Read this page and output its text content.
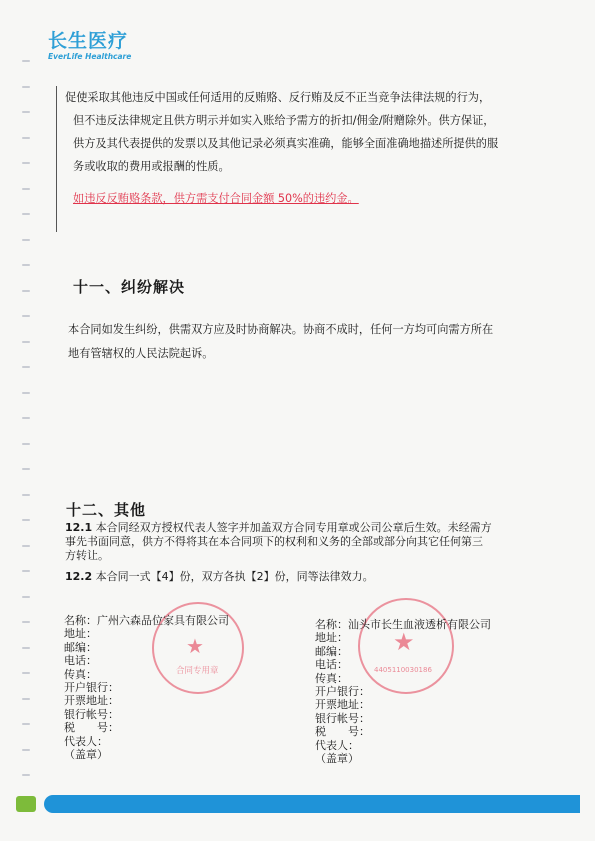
长生医疗
EverLife Healthcare
促使采取其他违反中国或任何适用的反贿赂、反行贿及反不正当竞争法律法规的行为，
但不违反法律规定且供方明示并如实入账给予需方的折扣/佣金/附赠除外。供方保证，
供方及其代表提供的发票以及其他记录必须真实准确，能够全面准确地描述所提供的服
务或收取的费用或报酬的性质。
如违反反贿赂条款，供方需支付合同金额 50%的违约金。
十一、纠纷解决
本合同如发生纠纷，供需双方应及时协商解决。协商不成时，任何一方均可向需方所在
地有管辖权的人民法院起诉。
十二、其他
12.1 本合同经双方授权代表人签字并加盖双方合同专用章或公司公章后生效。未经需方
事先书面同意，供方不得将其在本合同项下的权利和义务的全部或部分向其它任何第三
方转让。
12.2 本合同一式【4】份，双方各执【2】份，同等法律效力。
★
合同专用章
★
4405110030186
名称：广州六森品位家具有限公司
地址：
邮编：
电话：
传真：
开户银行：
开票地址：
银行帐号：
税　　号：
代表人：
（盖章）
名称：汕头市长生血液透析有限公司
地址：
邮编：
电话：
传真：
开户银行：
开票地址：
银行帐号：
税　　号：
代表人：
（盖章）
